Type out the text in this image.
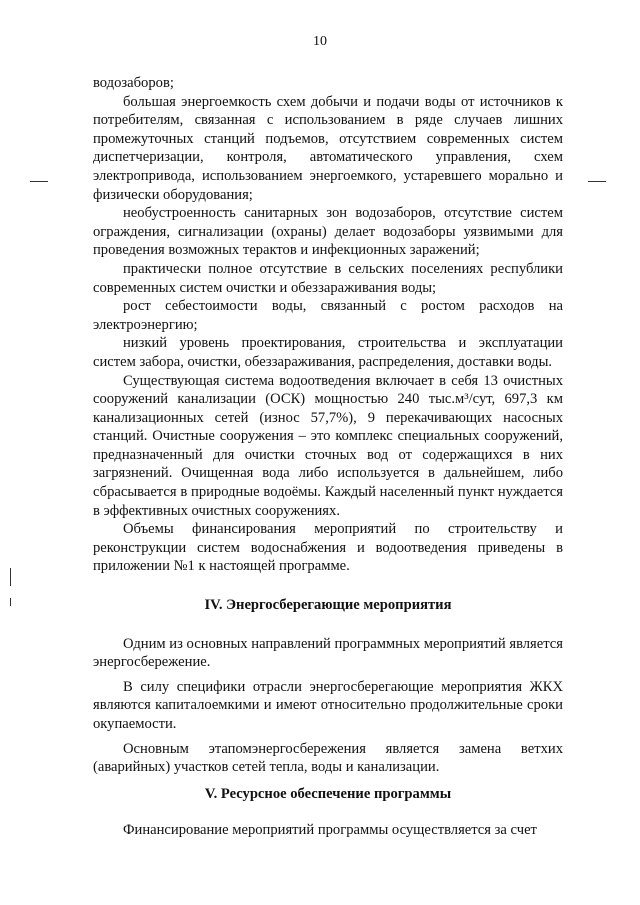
10

водозаборов;

большая энергоемкость схем добычи и подачи воды от источников к потребителям, связанная с использованием в ряде случаев лишних промежуточных станций подъемов, отсутствием современных систем диспетчеризации, контроля, автоматического управления, схем электропривода, использованием энергоемкого, устаревшего морально и физически оборудования;

необустроенность санитарных зон водозаборов, отсутствие систем ограждения, сигнализации (охраны) делает водозаборы уязвимыми для проведения возможных терактов и инфекционных заражений;

практически полное отсутствие в сельских поселениях республики современных систем очистки и обеззараживания воды;

рост себестоимости воды, связанный с ростом расходов на электроэнергию;

низкий уровень проектирования, строительства и эксплуатации систем забора, очистки, обеззараживания, распределения, доставки воды.

Существующая система водоотведения включает в себя 13 очистных сооружений канализации (ОСК) мощностью 240 тыс.м³/сут, 697,3 км канализационных сетей (износ 57,7%), 9 перекачивающих насосных станций. Очистные сооружения – это комплекс специальных сооружений, предназначенный для очистки сточных вод от содержащихся в них загрязнений. Очищенная вода либо используется в дальнейшем, либо сбрасывается в природные водоёмы. Каждый населенный пункт нуждается в эффективных очистных сооружениях.

Объемы финансирования мероприятий по строительству и реконструкции систем водоснабжения и водоотведения приведены в приложении №1 к настоящей программе.

IV. Энергосберегающие мероприятия

Одним из основных направлений программных мероприятий является энергосбережение.

В силу специфики отрасли энергосберегающие мероприятия ЖКХ являются капиталоемкими и имеют относительно продолжительные сроки окупаемости.

Основным этапомэнергосбережения является замена ветхих (аварийных) участков сетей тепла, воды и канализации.

V. Ресурсное обеспечение программы

Финансирование мероприятий программы осуществляется за счет
